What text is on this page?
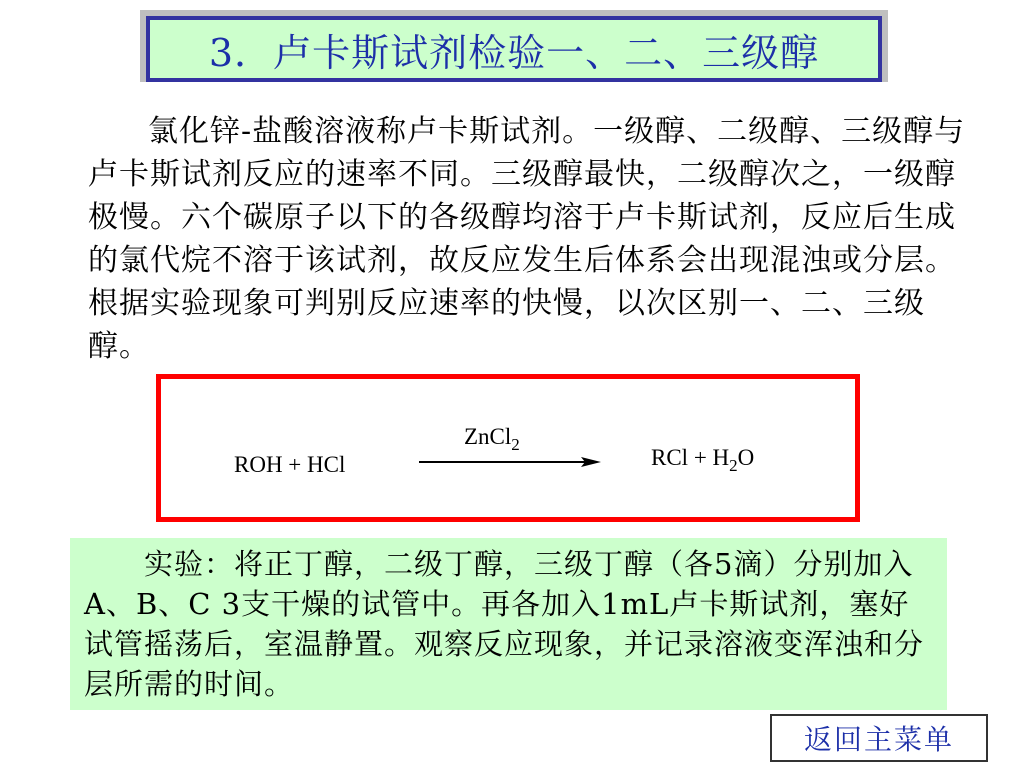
3．卢卡斯试剂检验一、二、三级醇
氯化锌-盐酸溶液称卢卡斯试剂。一级醇、二级醇、三级醇与卢卡斯试剂反应的速率不同。三级醇最快，二级醇次之，一级醇极慢。六个碳原子以下的各级醇均溶于卢卡斯试剂，反应后生成的氯代烷不溶于该试剂，故反应发生后体系会出现混浊或分层。根据实验现象可判别反应速率的快慢，以次区别一、二、三级醇。
ROH + HCl
ZnCl$_2$
RCl + $H_2O$
实验：将正丁醇，二级丁醇，三级丁醇（各5滴）分别加入A、B、C 3支干燥的试管中。再各加入1mL卢卡斯试剂，塞好试管摇荡后，室温静置。观察反应现象，并记录溶液变浑浊和分层所需的时间。
返回主菜单
